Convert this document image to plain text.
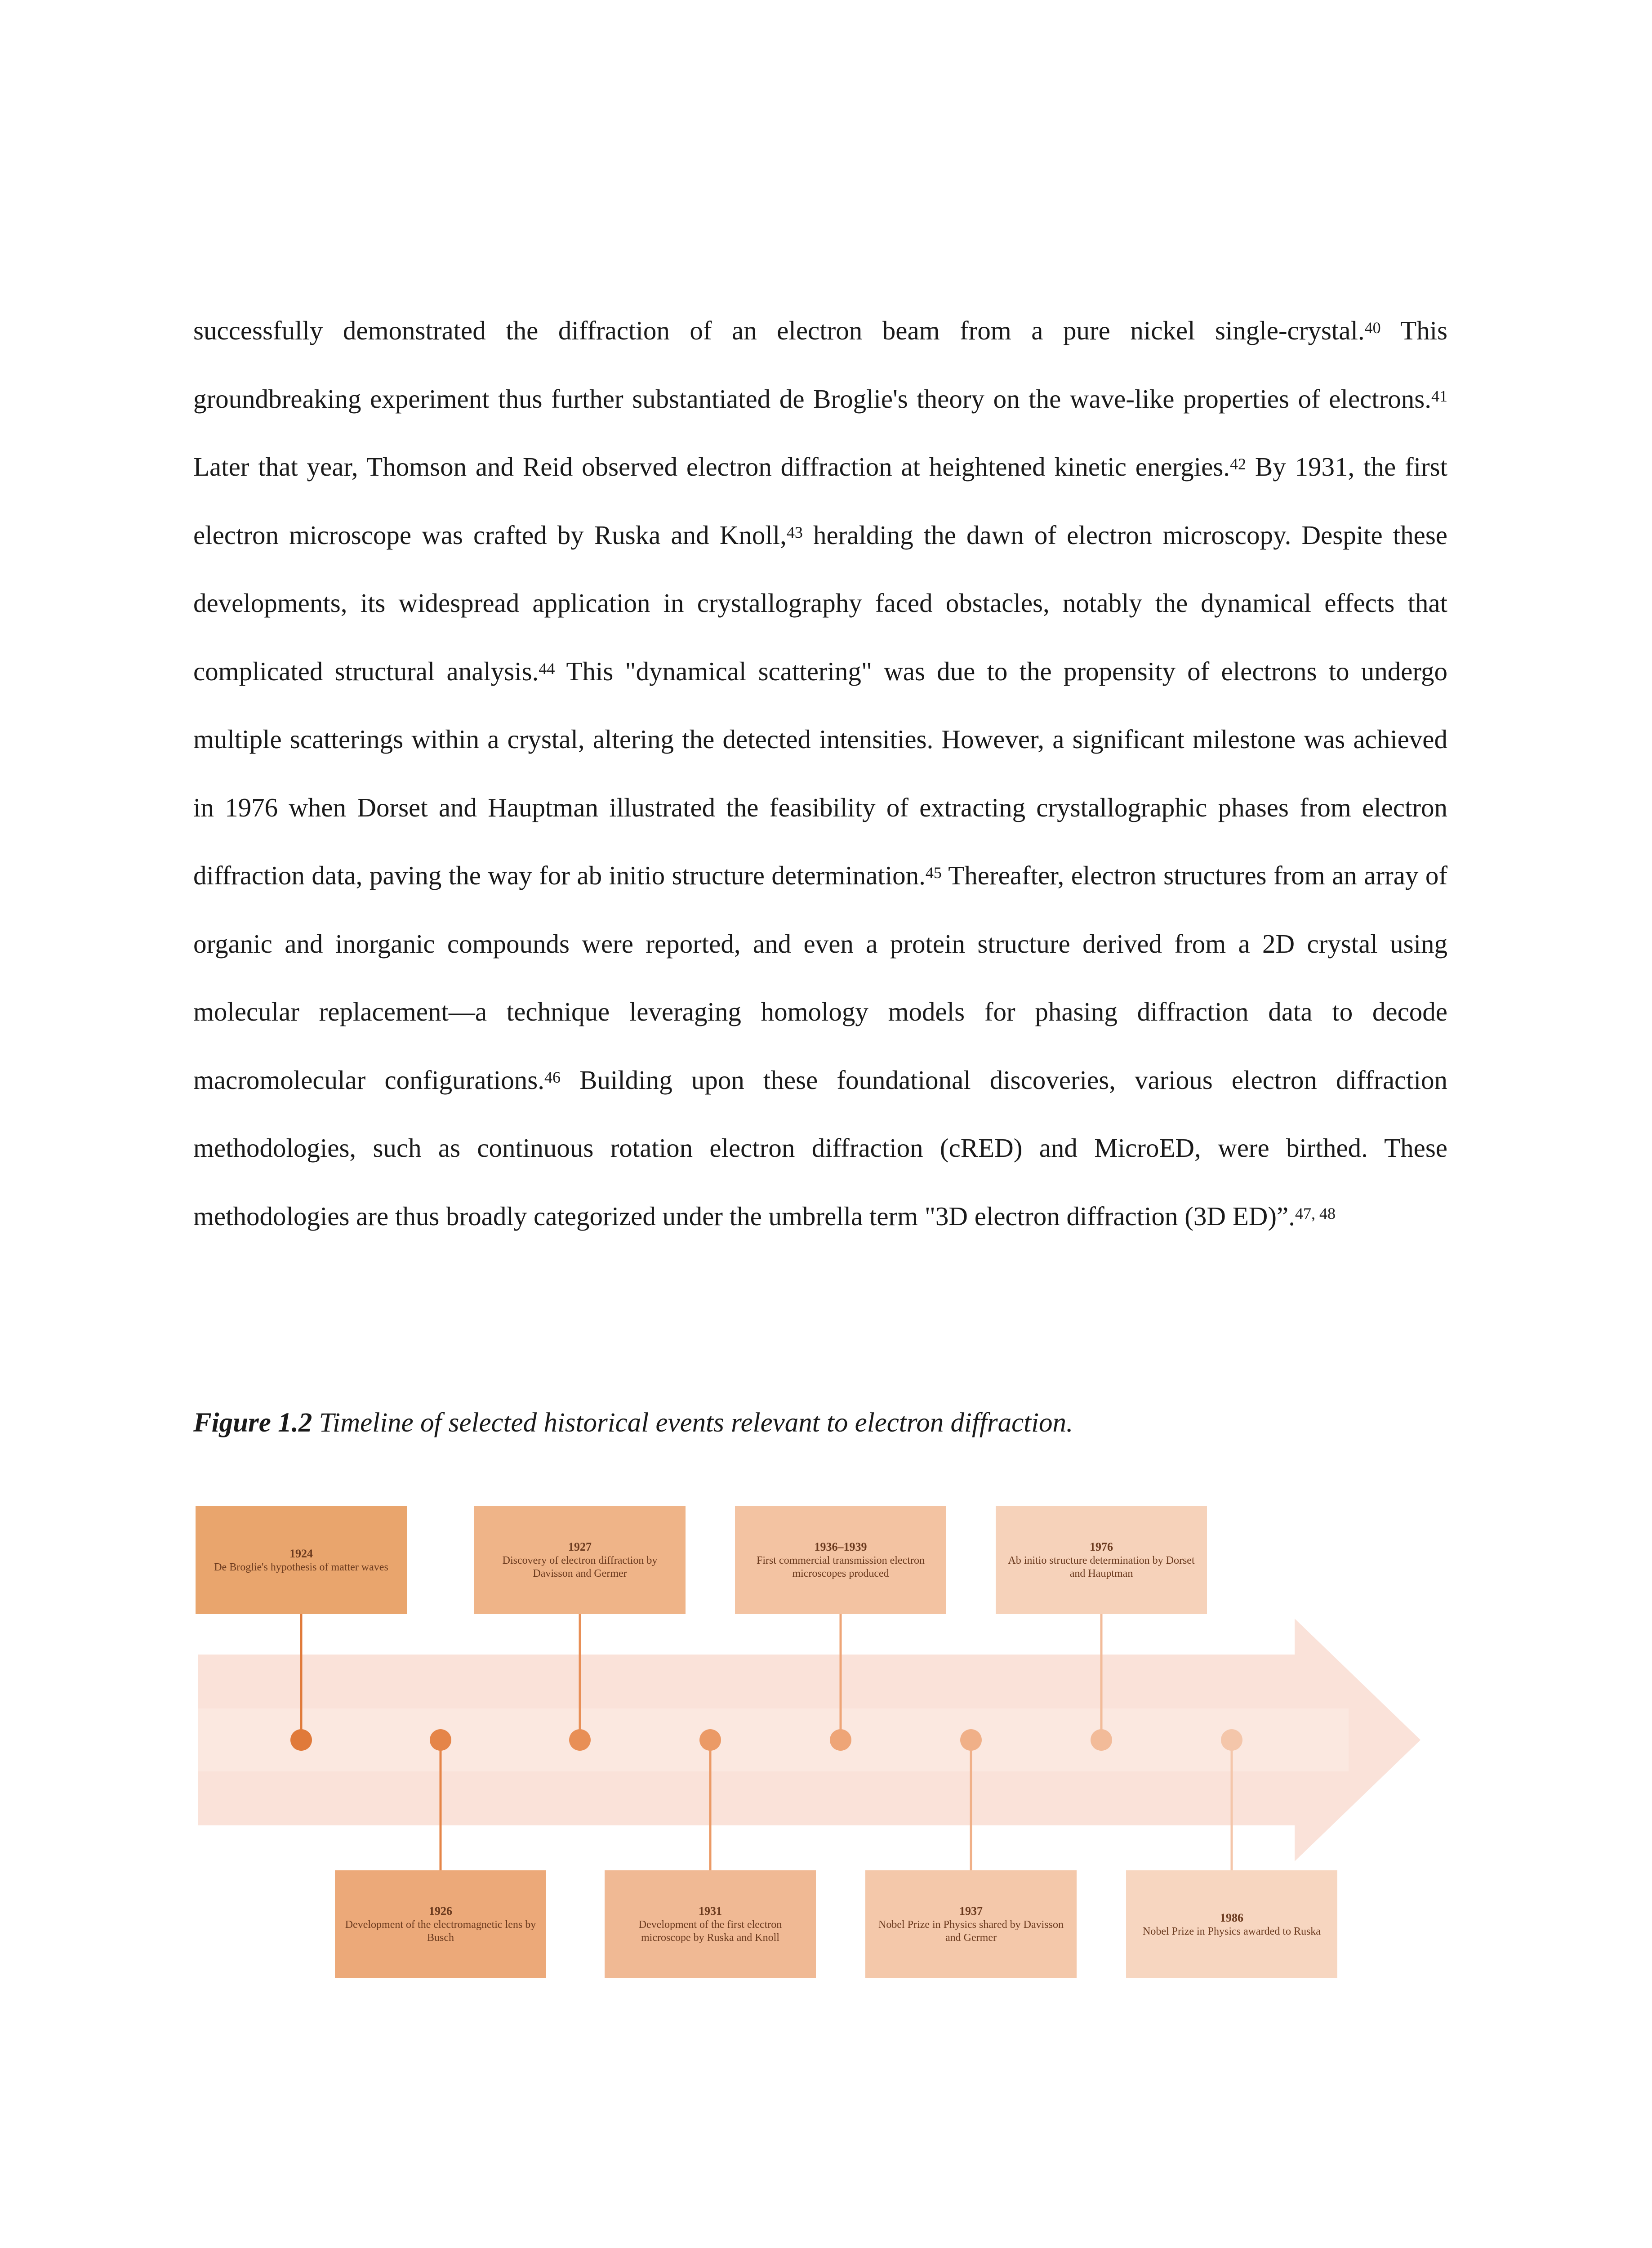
successfully demonstrated the diffraction of an electron beam from a pure nickel single-crystal.$^{40}$ This groundbreaking experiment thus further substantiated de Broglie's theory on the wave-like properties of electrons.$^{41}$ Later that year, Thomson and Reid observed electron diffraction at heightened kinetic energies.$^{42}$ By 1931, the first electron microscope was crafted by Ruska and Knoll,$^{43}$ heralding the dawn of electron microscopy. Despite these developments, its widespread application in crystallography faced obstacles, notably the dynamical effects that complicated structural analysis.$^{44}$ This "dynamical scattering" was due to the propensity of electrons to undergo multiple scatterings within a crystal, altering the detected intensities. However, a significant milestone was achieved in 1976 when Dorset and Hauptman illustrated the feasibility of extracting crystallographic phases from electron diffraction data, paving the way for ab initio structure determination.$^{45}$ Thereafter, electron structures from an array of organic and inorganic compounds were reported, and even a protein structure derived from a 2D crystal using molecular replacement—a technique leveraging homology models for phasing diffraction data to decode macromolecular configurations.$^{46}$ Building upon these foundational discoveries, various electron diffraction methodologies, such as continuous rotation electron diffraction (cRED) and MicroED, were birthed. These methodologies are thus broadly categorized under the umbrella term "3D electron diffraction (3D ED)”.$^{47, 48}$

Figure 1.2 Timeline of selected historical events relevant to electron diffraction.
1924
De Broglie's hypothesis of matter waves
1927
Discovery of electron diffraction by Davisson and Germer
1936–1939
First commercial transmission electron microscopes produced
1976
Ab initio structure determination by Dorset and Hauptman
1926
Development of the electromagnetic lens by Busch
1931
Development of the first electron microscope by Ruska and Knoll
1937
Nobel Prize in Physics shared by Davisson and Germer
1986
Nobel Prize in Physics awarded to Ruska
